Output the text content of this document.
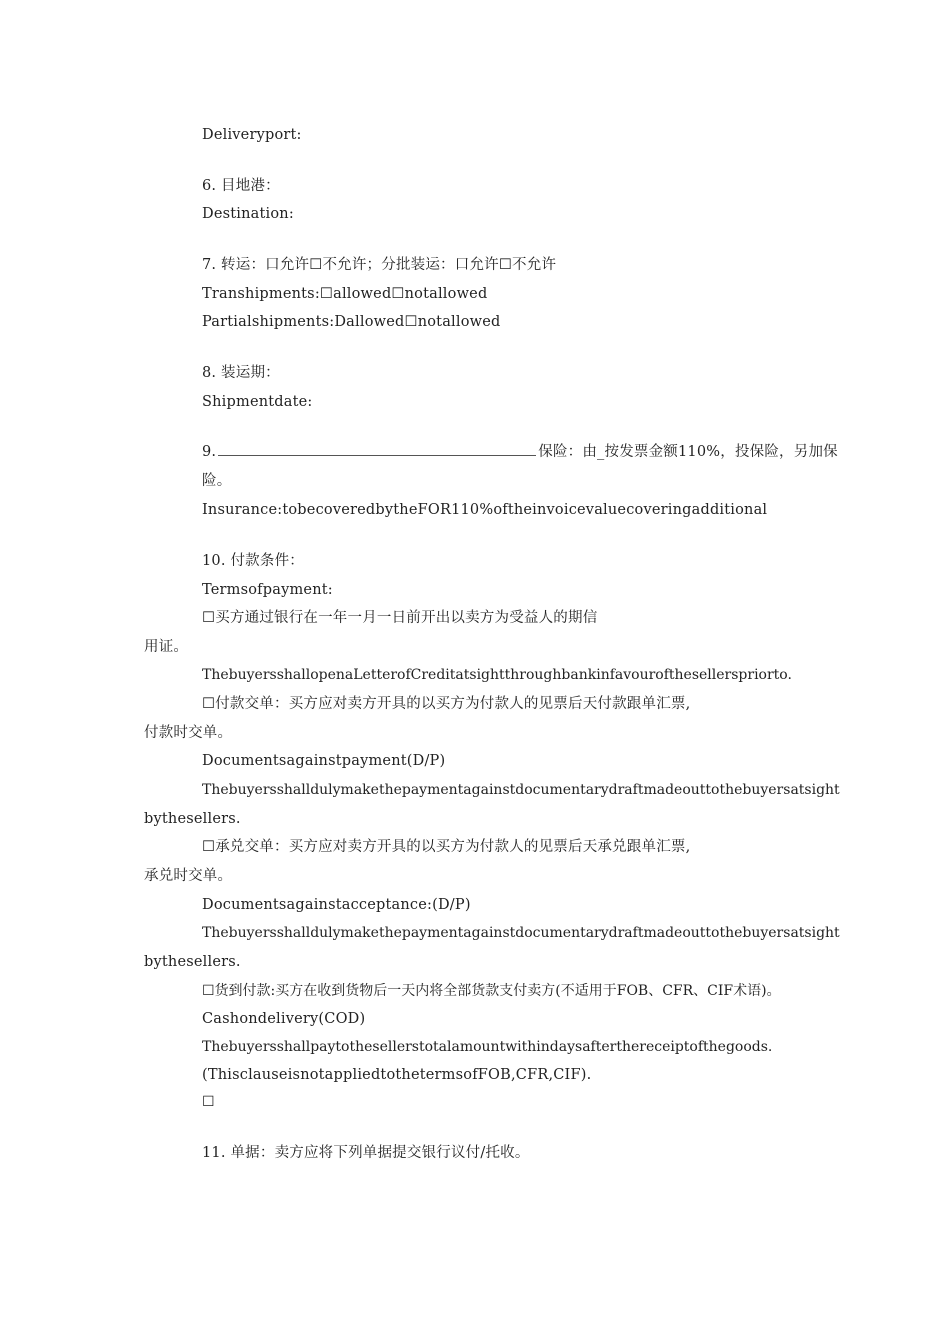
Deliveryport:
6. 目地港：
Destination:
7. 转运：口允许☐不允许；分批装运：口允许☐不允许
Transhipments:☐allowed☐notallowed
Partialshipments:Dallowed☐notallowed
8. 装运期：
Shipmentdate:
9.	保险：由_按发票金额110%，投保险，另加保
险。
Insurance:tobecoveredbytheFOR110%oftheinvoicevaluecoveringadditional
10. 付款条件：
Termsofpayment:
☐买方通过银行在一年一月一日前开出以卖方为受益人的期信
用证。
ThebuyersshallopenaLetterofCreditatsightthroughbankinfavourofthesellerspriorto.
☐付款交单：买方应对卖方开具的以买方为付款人的见票后天付款跟单汇票,
付款时交单。
Documentsagainstpayment(D/P)
Thebuyersshalldulymakethepaymentagainstdocumentarydraftmadeouttothebuyersatsight
bythesellers.
☐承兑交单：买方应对卖方开具的以买方为付款人的见票后天承兑跟单汇票,
承兑时交单。
Documentsagainstacceptance:(D/P)
Thebuyersshalldulymakethepaymentagainstdocumentarydraftmadeouttothebuyersatsight
bythesellers.
☐货到付款:买方在收到货物后一天内将全部货款支付卖方(不适用于FOB、CFR、CIF术语)。
Cashondelivery(COD)
Thebuyersshallpaytothesellerstotalamountwithindaysafterthereceiptofthegoods.
(ThisclauseisnotappliedtothetermsofFOB,CFR,CIF).
☐
11. 单据：卖方应将下列单据提交银行议付/托收。
